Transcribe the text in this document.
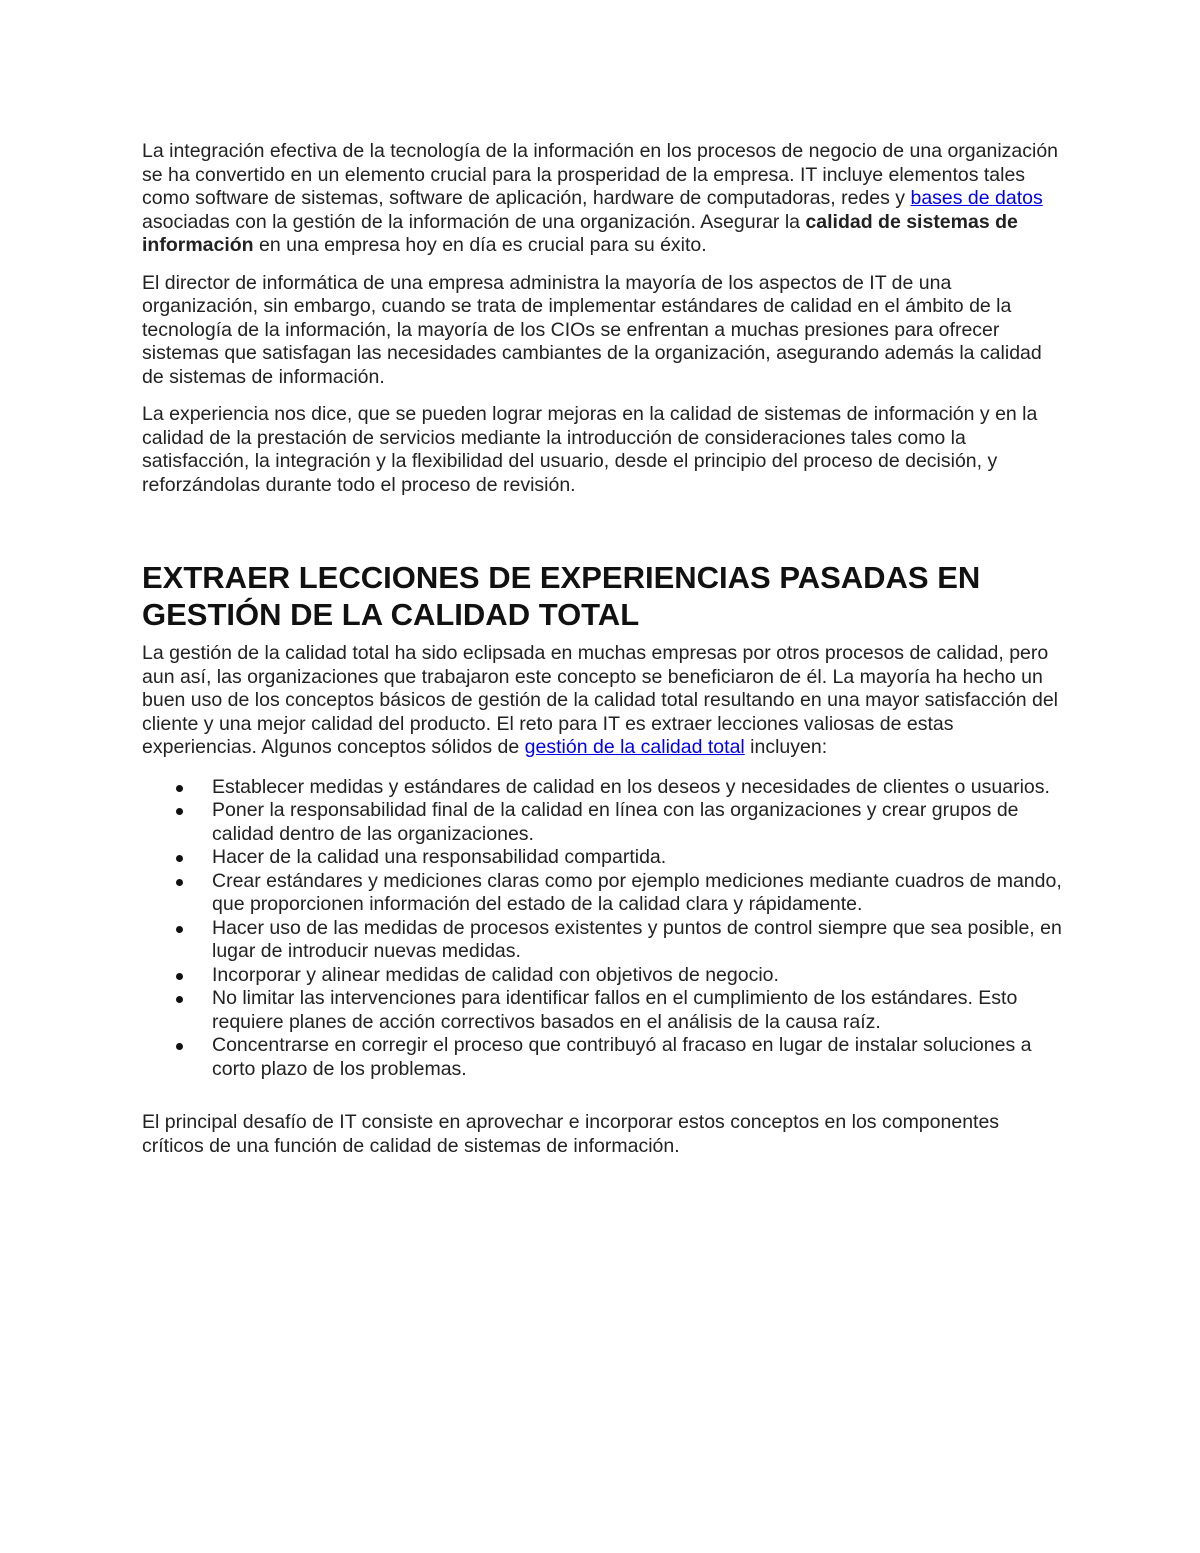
La integración efectiva de la tecnología de la información en los procesos de negocio de una organización se ha convertido en un elemento crucial para la prosperidad de la empresa. IT incluye elementos tales como software de sistemas, software de aplicación, hardware de computadoras, redes y bases de datos asociadas con la gestión de la información de una organización. Asegurar la calidad de sistemas de información en una empresa hoy en día es crucial para su éxito.

El director de informática de una empresa administra la mayoría de los aspectos de IT de una organización, sin embargo, cuando se trata de implementar estándares de calidad en el ámbito de la tecnología de la información, la mayoría de los CIOs se enfrentan a muchas presiones para ofrecer sistemas que satisfagan las necesidades cambiantes de la organización, asegurando además la calidad de sistemas de información.

La experiencia nos dice, que se pueden lograr mejoras en la calidad de sistemas de información y en la calidad de la prestación de servicios mediante la introducción de consideraciones tales como la satisfacción, la integración y la flexibilidad del usuario, desde el principio del proceso de decisión, y reforzándolas durante todo el proceso de revisión.

EXTRAER LECCIONES DE EXPERIENCIAS PASADAS EN GESTIÓN DE LA CALIDAD TOTAL

La gestión de la calidad total ha sido eclipsada en muchas empresas por otros procesos de calidad, pero aun así, las organizaciones que trabajaron este concepto se beneficiaron de él. La mayoría ha hecho un buen uso de los conceptos básicos de gestión de la calidad total resultando en una mayor satisfacción del cliente y una mejor calidad del producto. El reto para IT es extraer lecciones valiosas de estas experiencias. Algunos conceptos sólidos de gestión de la calidad total incluyen:

Establecer medidas y estándares de calidad en los deseos y necesidades de clientes o usuarios.
Poner la responsabilidad final de la calidad en línea con las organizaciones y crear grupos de calidad dentro de las organizaciones.
Hacer de la calidad una responsabilidad compartida.
Crear estándares y mediciones claras como por ejemplo mediciones mediante cuadros de mando, que proporcionen información del estado de la calidad clara y rápidamente.
Hacer uso de las medidas de procesos existentes y puntos de control siempre que sea posible, en lugar de introducir nuevas medidas.
Incorporar y alinear medidas de calidad con objetivos de negocio.
No limitar las intervenciones para identificar fallos en el cumplimiento de los estándares. Esto requiere planes de acción correctivos basados en el análisis de la causa raíz.
Concentrarse en corregir el proceso que contribuyó al fracaso en lugar de instalar soluciones a corto plazo de los problemas.

El principal desafío de IT consiste en aprovechar e incorporar estos conceptos en los componentes críticos de una función de calidad de sistemas de información.
